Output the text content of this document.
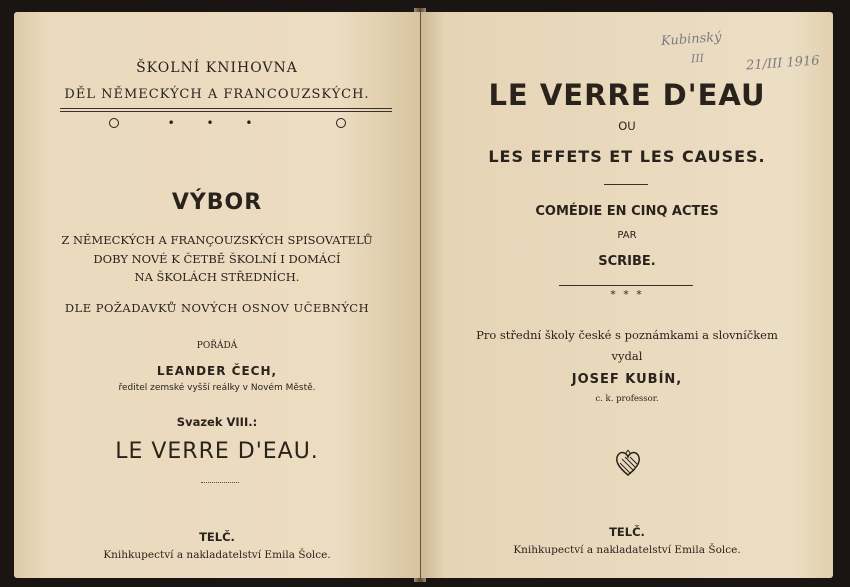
ŠKOLNÍ KNIHOVNA
DĚL NĚMECKÝCH A FRANCOUZSKÝCH.
• • •
VÝBOR
Z NĚMECKÝCH A FRANÇOUZSKÝCH SPISOVATELŮ
DOBY NOVÉ K ČETBĚ ŠKOLNÍ I DOMÁCÍ
NA ŠKOLÁCH STŘEDNÍCH.
DLE POŽADAVKŮ NOVÝCH OSNOV UČEBNÝCH
POŘÁDÁ
LEANDER ČECH,
ředitel zemské vyšší reálky v Novém Městě.
Svazek VIII.:
LE VERRE D'EAU.
TELČ.
Knihkupectví a nakladatelství Emila Šolce.
Kubinský
III	21/III 1916
LE VERRE D'EAU
OU
LES EFFETS ET LES CAUSES.
COMÉDIE EN CINQ ACTES
PAR
SCRIBE.
* * *
Pro střední školy české s poznámkami a slovníčkem
vydal
JOSEF KUBÍN,
c. k. professor.
TELČ.
Knihkupectví a nakladatelství Emila Šolce.
